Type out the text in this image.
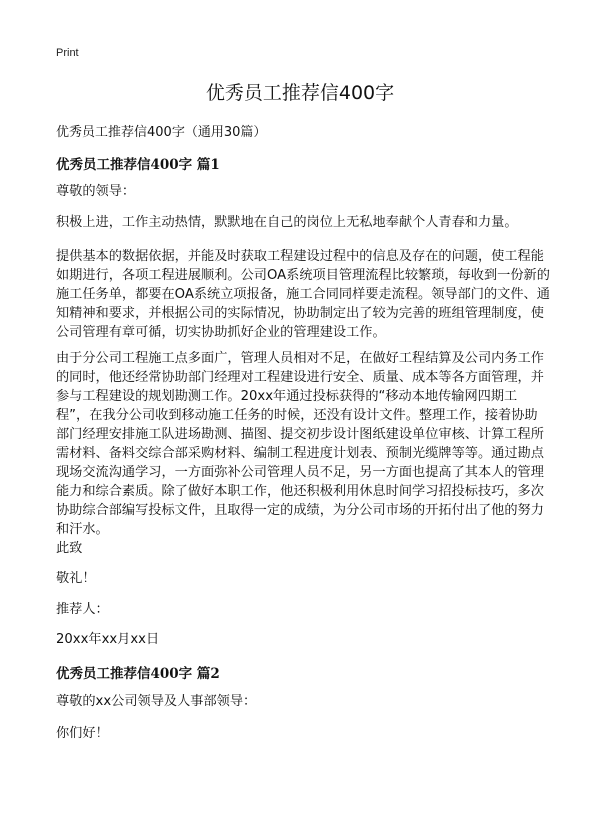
Print
优秀员工推荐信400字
优秀员工推荐信400字（通用30篇）
优秀员工推荐信400字 篇1

尊敬的领导：

积极上进，工作主动热情，默默地在自己的岗位上无私地奉献个人青春和力量。

提供基本的数据依据，并能及时获取工程建设过程中的信息及存在的问题，使工程能如期进行，各项工程进展顺利。公司OA系统项目管理流程比较繁琐，每收到一份新的施工任务单，都要在OA系统立项报备，施工合同同样要走流程。领导部门的文件、通知精神和要求，并根据公司的实际情况，协助制定出了较为完善的班组管理制度，使公司管理有章可循，切实协助抓好企业的管理建设工作。

由于分公司工程施工点多面广，管理人员相对不足，在做好工程结算及公司内务工作的同时，他还经常协助部门经理对工程建设进行安全、质量、成本等各方面管理，并参与工程建设的规划勘测工作。20xx年通过投标获得的“移动本地传输网四期工程”，在我分公司收到移动施工任务的时候，还没有设计文件。整理工作，接着协助部门经理安排施工队进场勘测、描图、提交初步设计图纸建设单位审核、计算工程所需材料、备料交综合部采购材料、编制工程进度计划表、预制光缆牌等等。通过勘点现场交流沟通学习，一方面弥补公司管理人员不足，另一方面也提高了其本人的管理能力和综合素质。除了做好本职工作，他还积极利用休息时间学习招投标技巧，多次协助综合部编写投标文件，且取得一定的成绩，为分公司市场的开拓付出了他的努力和汗水。

此致

敬礼！

推荐人：

20xx年xx月xx日

优秀员工推荐信400字 篇2

尊敬的xx公司领导及人事部领导：

你们好！
